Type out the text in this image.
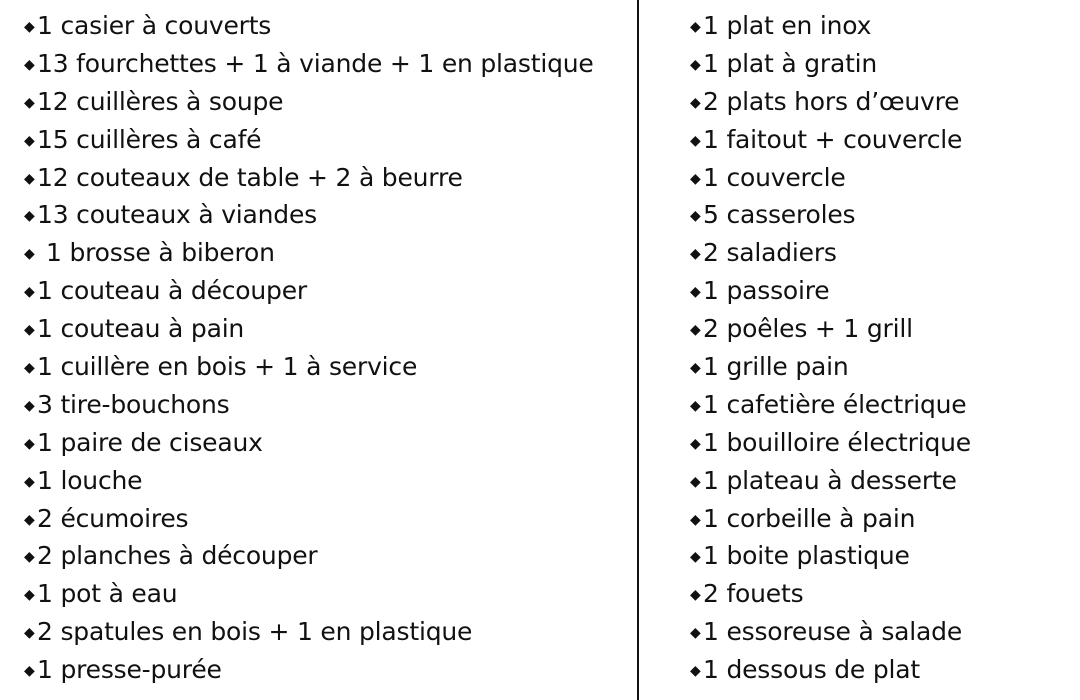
◆1 casier à couverts
◆13 fourchettes + 1 à viande + 1 en plastique
◆12 cuillères à soupe
◆15 cuillères à café
◆12 couteaux de table + 2 à beurre
◆13 couteaux à viandes
◆ 1 brosse à biberon
◆1 couteau à découper
◆1 couteau à pain
◆1 cuillère en bois + 1 à service
◆3 tire-bouchons
◆1 paire de ciseaux
◆1 louche
◆2 écumoires
◆2 planches à découper
◆1 pot à eau
◆2 spatules en bois + 1 en plastique
◆1 presse-purée
◆1 plat en inox
◆1 plat à gratin
◆2 plats hors d’œuvre
◆1 faitout + couvercle
◆1 couvercle
◆5 casseroles
◆2 saladiers
◆1 passoire
◆2 poêles + 1 grill
◆1 grille pain
◆1 cafetière électrique
◆1 bouilloire électrique
◆1 plateau à desserte
◆1 corbeille à pain
◆1 boite plastique
◆2 fouets
◆1 essoreuse à salade
◆1 dessous de plat
